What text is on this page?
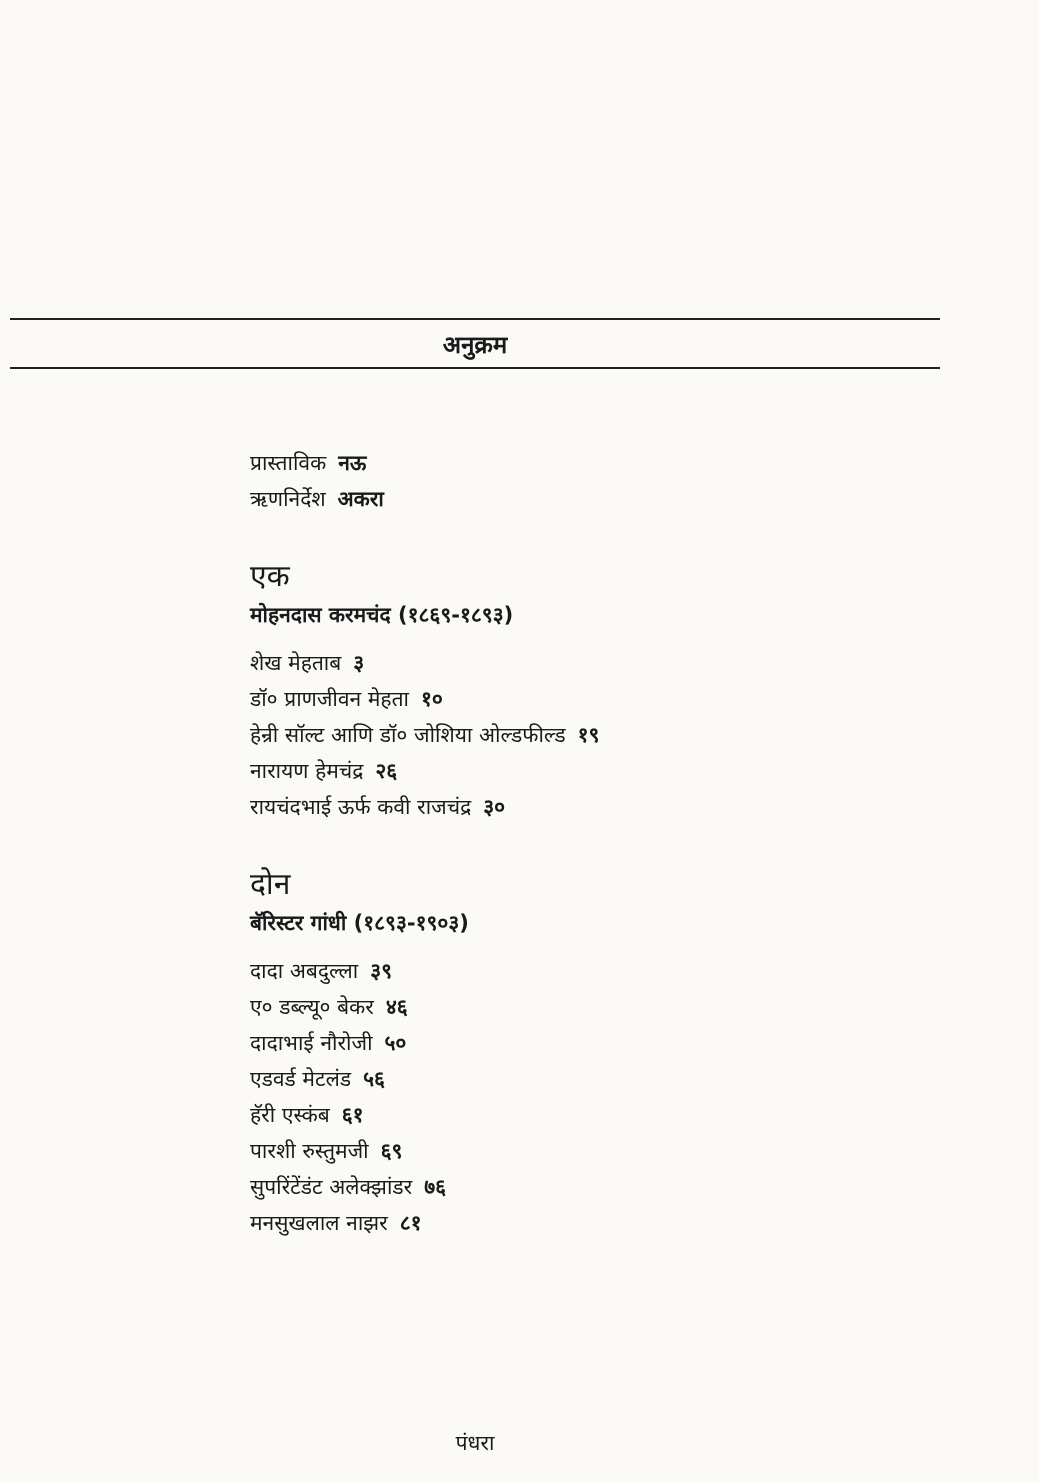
अनुक्रम
प्रास्ताविक नऊ
ऋणनिर्देश अकरा
एक
मोहनदास करमचंद (१८६९-१८९३)
शेख मेहताब ३
डॉ० प्राणजीवन मेहता १०
हेन्री सॉल्ट आणि डॉ० जोशिया ओल्डफील्ड १९
नारायण हेमचंद्र २६
रायचंदभाई ऊर्फ कवी राजचंद्र ३०
दोन
बॅरिस्टर गांधी (१८९३-१९०३)
दादा अबदुल्ला ३९
ए० डब्ल्यू० बेकर ४६
दादाभाई नौरोजी ५०
एडवर्ड मेटलंड ५६
हॅरी एस्कंब ६१
पारशी रुस्तुमजी ६९
सुपरिंटेंडंट अलेक्झांडर ७६
मनसुखलाल नाझर ८१
पंधरा
